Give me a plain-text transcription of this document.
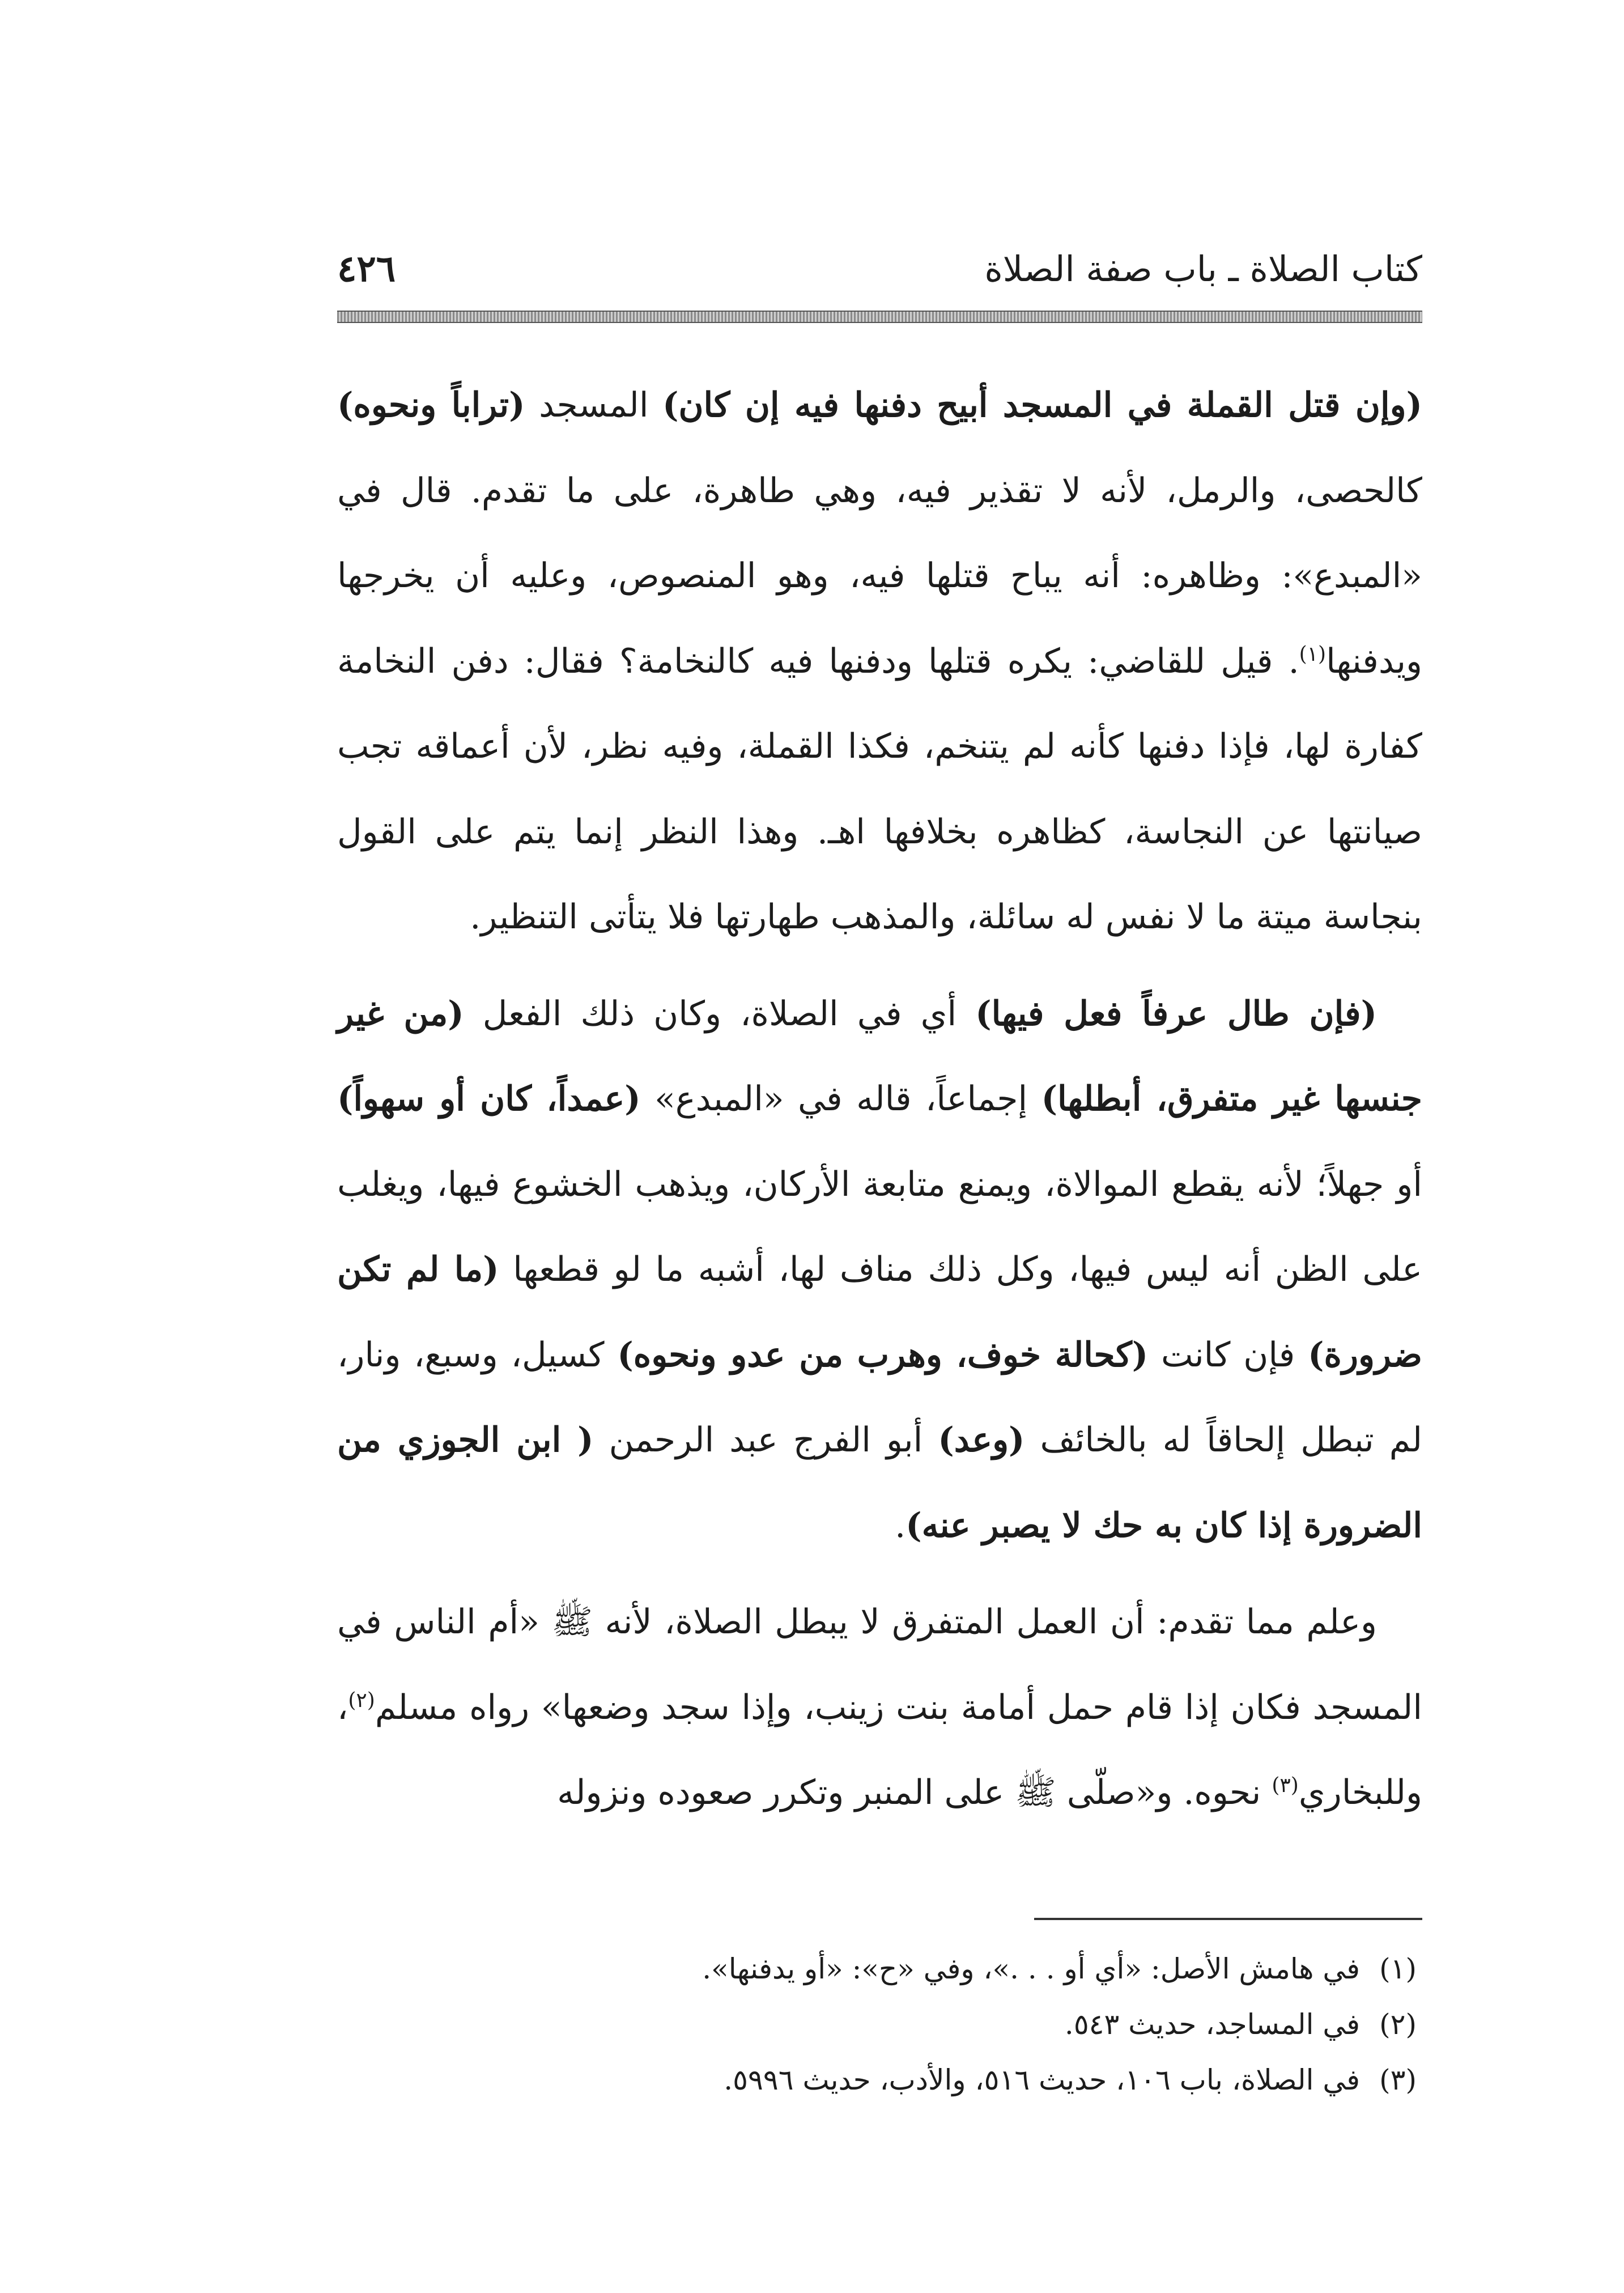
٤٢٦	كتاب الصلاة ـ باب صفة الصلاة

(وإن قتل القملة في المسجد أبيح دفنها فيه إن كان) المسجد (تراباً ونحوه) كالحصى، والرمل، لأنه لا تقذير فيه، وهي طاهرة، على ما تقدم. قال في «المبدع»: وظاهره: أنه يباح قتلها فيه، وهو المنصوص، وعليه أن يخرجها ويدفنها$^{(١)}$. قيل للقاضي: يكره قتلها ودفنها فيه كالنخامة؟ فقال: دفن النخامة كفارة لها، فإذا دفنها كأنه لم يتنخم، فكذا القملة، وفيه نظر، لأن أعماقه تجب صيانتها عن النجاسة، كظاهره بخلافها اهـ. وهذا النظر إنما يتم على القول بنجاسة ميتة ما لا نفس له سائلة، والمذهب طهارتها فلا يتأتى التنظير.

(فإن طال عرفاً فعل فيها) أي في الصلاة، وكان ذلك الفعل (من غير جنسها غير متفرق، أبطلها) إجماعاً، قاله في «المبدع» (عمداً، كان أو سهواً) أو جهلاً؛ لأنه يقطع الموالاة، ويمنع متابعة الأركان، ويذهب الخشوع فيها، ويغلب على الظن أنه ليس فيها، وكل ذلك مناف لها، أشبه ما لو قطعها (ما لم تكن ضرورة) فإن كانت (كحالة خوف، وهرب من عدو ونحوه) كسيل، وسبع، ونار، لم تبطل إلحاقاً له بالخائف (وعد) أبو الفرج عبد الرحمن ( ابن الجوزي من الضرورة إذا كان به حك لا يصبر عنه).

وعلم مما تقدم: أن العمل المتفرق لا يبطل الصلاة، لأنه ﷺ «أم الناس في المسجد فكان إذا قام حمل أمامة بنت زينب، وإذا سجد وضعها» رواه مسلم$^{(٢)}$، وللبخاري$^{(٣)}$ نحوه. و«صلّى ﷺ على المنبر وتكرر صعوده ونزوله

(١)
في هامش الأصل: «أي أو . . .»، وفي «ح»: «أو يدفنها».
(٢)
في المساجد، حديث ٥٤٣.
(٣)
في الصلاة، باب ١٠٦، حديث ٥١٦، والأدب، حديث ٥٩٩٦.
